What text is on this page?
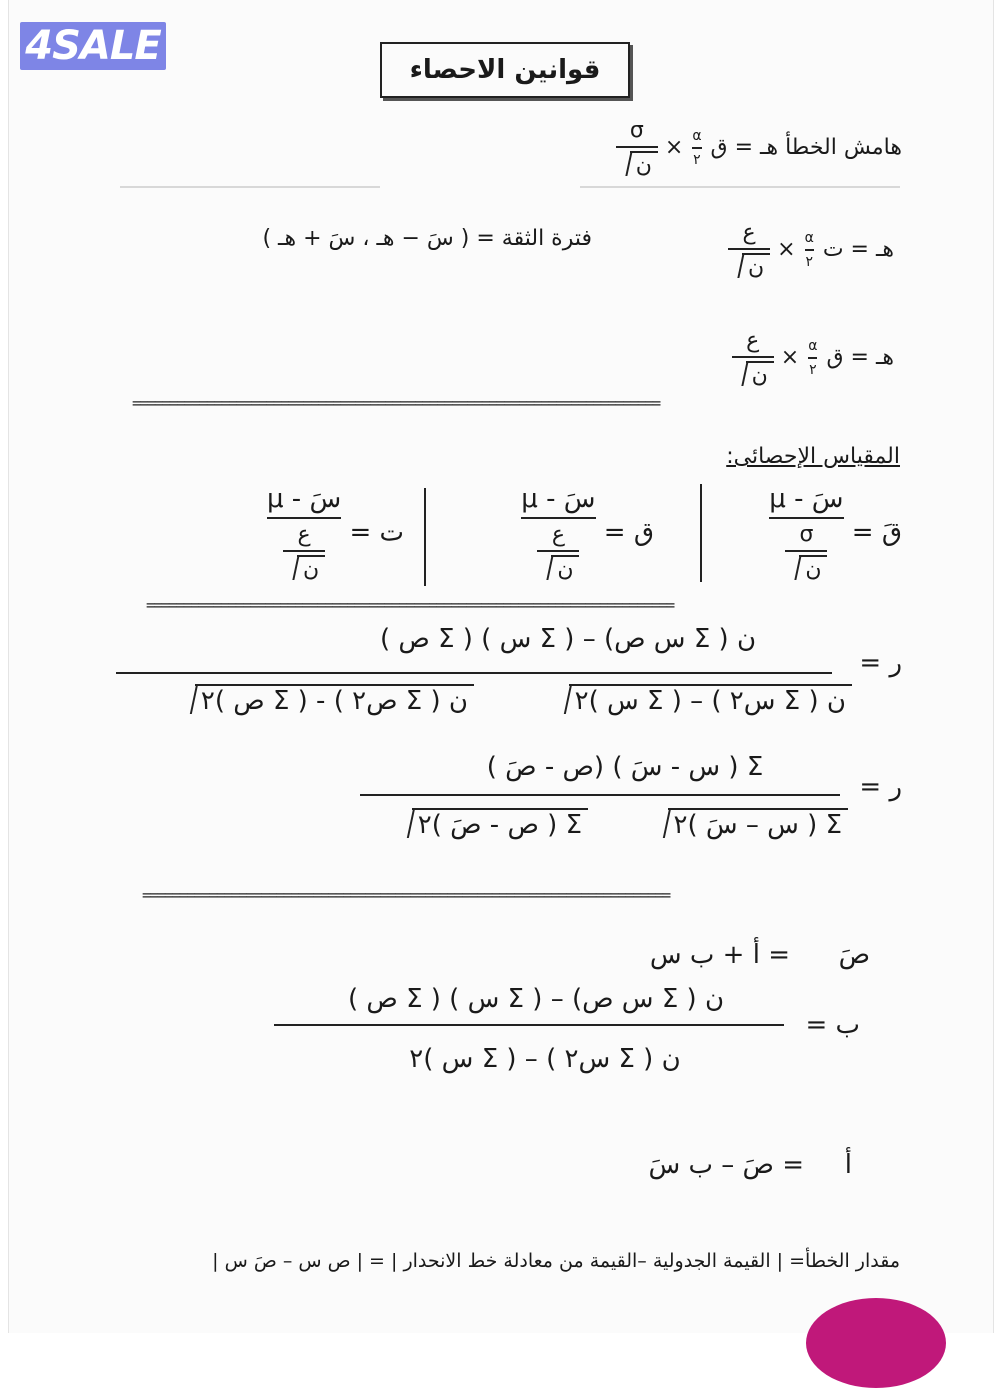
4SALE
قوانين الاحصاء
هامش الخطأ هـ = ق
$\frac{\alpha}{٢}$
×
$\frac{\sigma}{\text{ن}}$
هـ = ت
$\frac{\alpha}{٢}$
×
$\frac{\text{ع}}{\text{ن}}$
فترة الثقة = ( سَ − هـ ، سَ + هـ )
هـ = ق
$\frac{\alpha}{٢}$
×
$\frac{\text{ع}}{\text{ن}}$
=======================================================================
المقياس الإحصائى:
قَ =
$\frac{\text{سَ - μ}}{\frac{\sigma}{\text{ن}}}$
ق =
$\frac{\text{سَ - μ}}{\frac{\text{ع}}{\text{ن}}}$
ت =
$\frac{\text{سَ - μ}}{\frac{\text{ع}}{\text{ن}}}$
=======================================================================
ر =
ن ( Σ س ص) – ( Σ س ) ( Σ ص )
ن ( Σ س٢ ) – ( Σ س )٢
ن ( Σ ص٢ ) - ( Σ ص )٢
ر =
Σ ( س - سَ ) (ص - صَ )
Σ ( س – سَ )٢
Σ ( ص - صَ )٢
=======================================================================
صَ
= أ + ب س
ب =
ن ( Σ س ص) – ( Σ س ) ( Σ ص )
ن ( Σ س٢ ) – ( Σ س )٢
أ
= صَ – ب سَ
مقدار الخطأ= | القيمة الجدولية –القيمة من معادلة خط الانحدار | = | ص س – صَ س |
